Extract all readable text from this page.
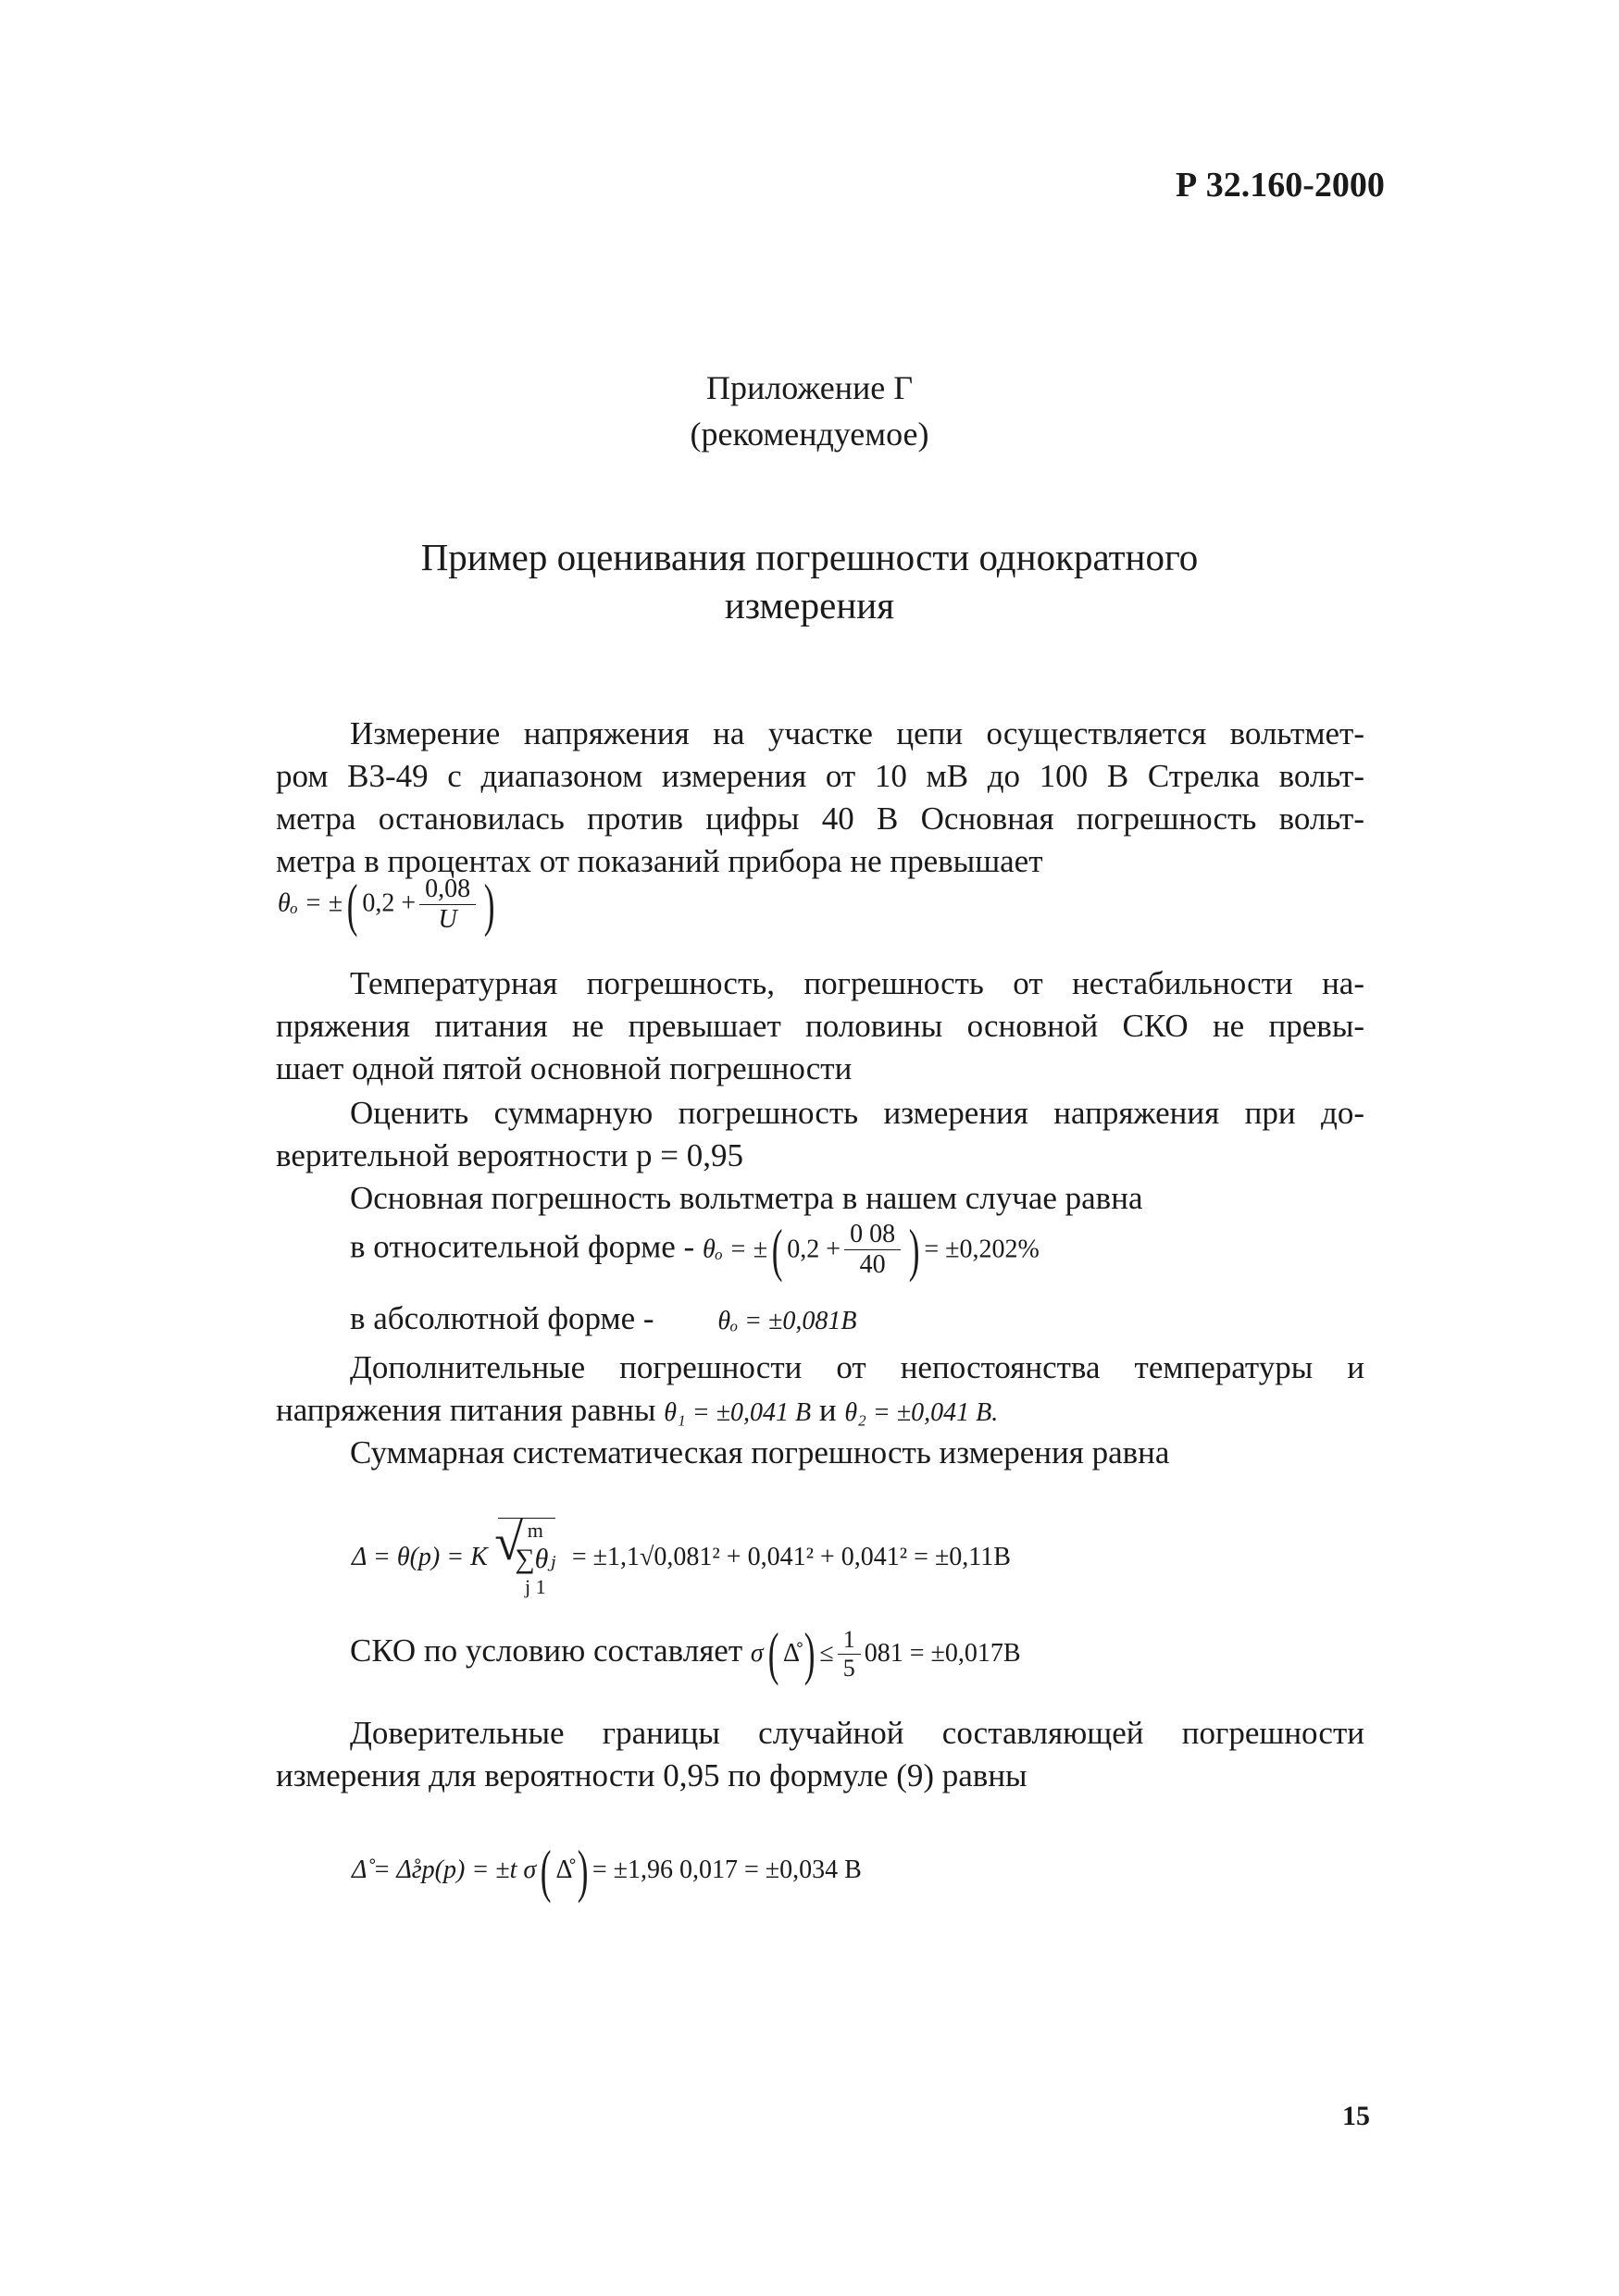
Р 32.160-2000
Приложение Г
(рекомендуемое)
Пример оценивания погрешности однократного
измерения
Измерение напряжения на участке цепи осуществляется вольтмет-
ром В3-49 с диапазоном измерения от 10 мВ до 100 В Стрелка вольт-
метра остановилась против цифры 40 В Основная погрешность вольт-
метра в процентах от показаний прибора не превышает
θₒ = ±( $0,2 + \frac{0,08}{U}$ )
Температурная погрешность, погрешность от нестабильности на-
пряжения питания не превышает половины основной СКО не превы-
шает одной пятой основной погрешности
Оценить суммарную погрешность измерения напряжения при до-
верительной вероятности p = 0,95
Основная погрешность вольтметра в нашем случае равна
в относительной форме - θₒ = ±( $0,2 + \frac{0 08}{40}$ ) = ±0,202%
в абсолютной форме - θₒ = ±0,081В
Дополнительные погрешности от непостоянства температуры и
напряжения питания равны θ₁ = ±0,041 В и θ₂ = ±0,041 В.
Суммарная систематическая погрешность измерения равна
Δ = θ(p) = K √ m
∑θⱼ
j 1
= ±1,1√0,081² + 0,041² + 0,041² = ±0,11В
СКО по условию составляет σ( Δ̊) ≤ $\frac{1}{5} 081 = \pm 0,017В$
Доверительные границы случайной составляющей погрешности
измерения для вероятности 0,95 по формуле (9) равны
Δ̊ = Δ̊гр(p) = ±t σ( Δ̊) = ±1,96 0,017 = ±0,034 В
15
